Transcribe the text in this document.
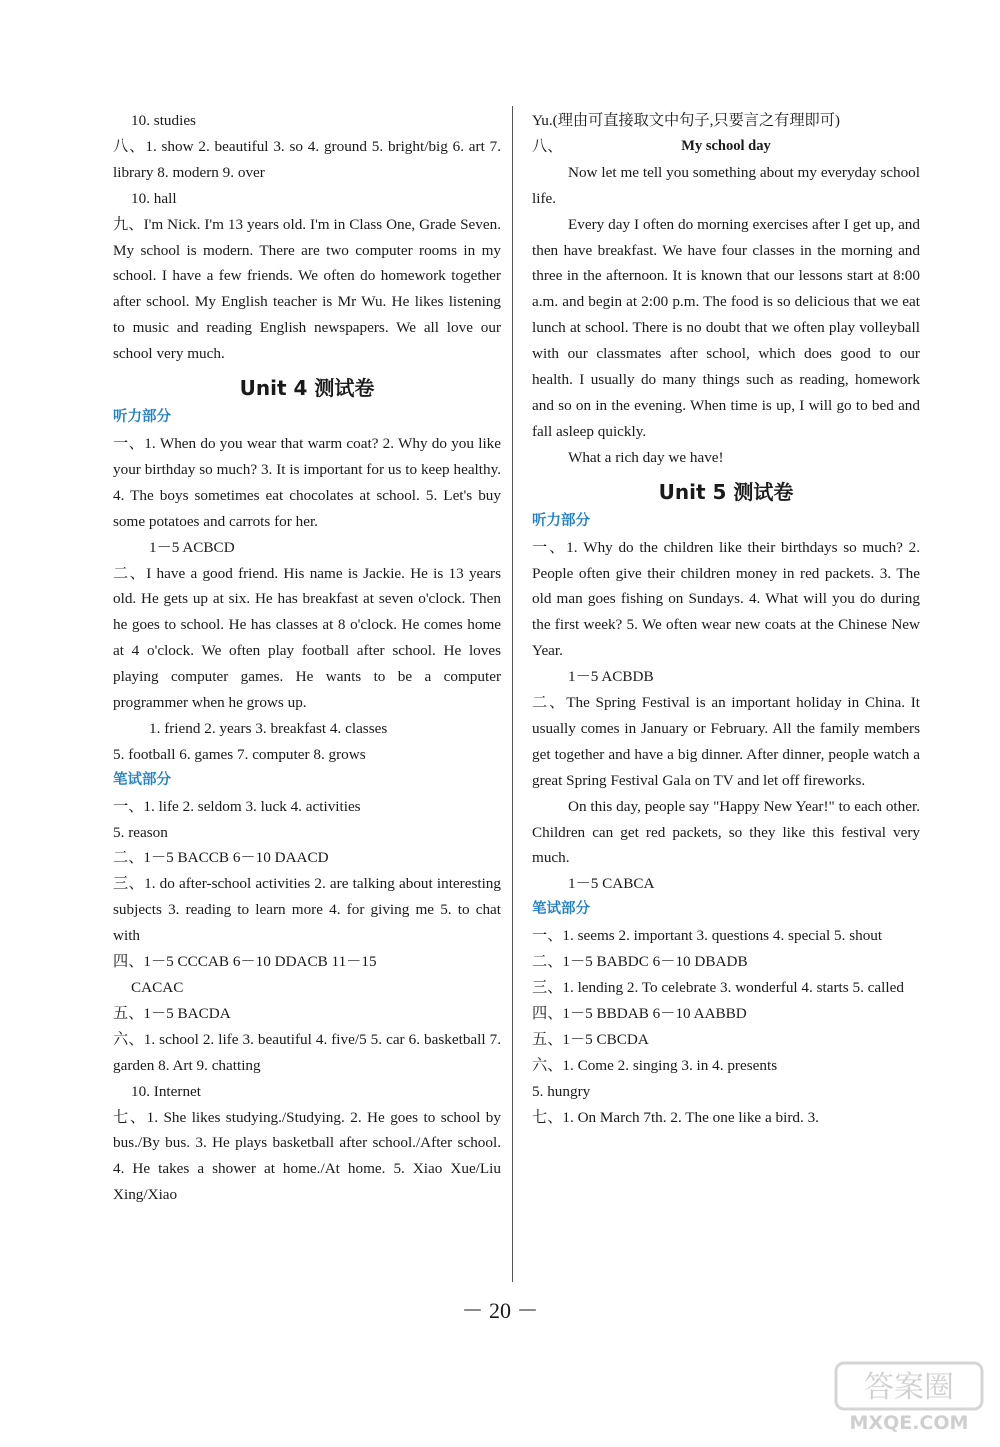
10. studies

八、1. show 2. beautiful 3. so 4. ground 5. bright/big 6. art 7. library 8. modern 9. over

10. hall

九、I'm Nick. I'm 13 years old. I'm in Class One, Grade Seven. My school is modern. There are two computer rooms in my school. I have a few friends. We often do homework together after school. My English teacher is Mr Wu. He likes listening to music and reading English newspapers. We all love our school very much.

Unit 4 测试卷

听力部分

一、1. When do you wear that warm coat? 2. Why do you like your birthday so much? 3. It is important for us to keep healthy. 4. The boys sometimes eat chocolates at school. 5. Let's buy some potatoes and carrots for her.

1－5 ACBCD

二、I have a good friend. His name is Jackie. He is 13 years old. He gets up at six. He has breakfast at seven o'clock. Then he goes to school. He has classes at 8 o'clock. He comes home at 4 o'clock. We often play football after school. He loves playing computer games. He wants to be a computer programmer when he grows up.

1. friend 2. years 3. breakfast 4. classes

5. football 6. games 7. computer 8. grows

笔试部分

一、1. life 2. seldom 3. luck 4. activities

5. reason

二、1－5 BACCB 6－10 DAACD

三、1. do after-school activities 2. are talking about interesting subjects 3. reading to learn more 4. for giving me 5. to chat with

四、1－5 CCCAB 6－10 DDACB 11－15

CACAC

五、1－5 BACDA

六、1. school 2. life 3. beautiful 4. five/5 5. car 6. basketball 7. garden 8. Art 9. chatting

10. Internet

七、1. She likes studying./Studying. 2. He goes to school by bus./By bus. 3. He plays basketball after school./After school. 4. He takes a shower at home./At home. 5. Xiao Xue/Liu Xing/Xiao

Yu.(理由可直接取文中句子,只要言之有理即可)

八、	My school day

Now let me tell you something about my everyday school life.

Every day I often do morning exercises after I get up, and then have breakfast. We have four classes in the morning and three in the afternoon. It is known that our lessons start at 8:00 a.m. and begin at 2:00 p.m. The food is so delicious that we eat lunch at school. There is no doubt that we often play volleyball with our classmates after school, which does good to our health. I usually do many things such as reading, homework and so on in the evening. When time is up, I will go to bed and fall asleep quickly.

What a rich day we have!

Unit 5 测试卷

听力部分

一、1. Why do the children like their birthdays so much? 2. People often give their children money in red packets. 3. The old man goes fishing on Sundays. 4. What will you do during the first week? 5. We often wear new coats at the Chinese New Year.

1－5 ACBDB

二、The Spring Festival is an important holiday in China. It usually comes in January or February. All the family members get together and have a big dinner. After dinner, people watch a great Spring Festival Gala on TV and let off fireworks.

On this day, people say "Happy New Year!" to each other. Children can get red packets, so they like this festival very much.

1－5 CABCA

笔试部分

一、1. seems 2. important 3. questions 4. special 5. shout

二、1－5 BABDC 6－10 DBADB

三、1. lending 2. To celebrate 3. wonderful 4. starts 5. called

四、1－5 BBDAB 6－10 AABBD

五、1－5 CBCDA

六、1. Come 2. singing 3. in 4. presents

5. hungry

七、1. On March 7th. 2. The one like a bird. 3.

－ 20 －
答案圈
MXQE.COM
